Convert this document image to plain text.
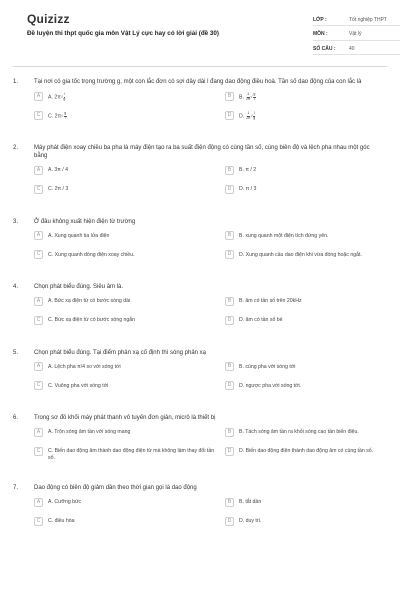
Quizizz
Đề luyện thi thpt quốc gia môn Vật Lý cực hay có lời giải (đề 30)
LỚP :	Tốt nghiệp THPT
MÔN :	Vật lý
SỐ CÂU :	40
1.	Tại nơi có gia tốc trọng trường g, một con lắc đơn có sợi dây dài l đang dao động điều hoà. Tần số dao động của con lắc là
A	A. $2\pi√ \frac{l}{g}$	B	B. $\frac{1}{2\pi}$ √ $\frac{g}{l}$
C	C. $2\pi√ \frac{g}{l}$	D	D. $\frac{1}{2\pi}$ √ $\frac{l}{g}$
2.	Máy phát điện xoay chiều ba pha là máy điện tạo ra ba suất điện động có cùng tần số, cùng biên độ và lệch pha nhau một góc bằng
A	A. 3π / 4	B	B. π / 2
C	C. 2π / 3	D	D. π / 3
3.	Ở đâu không xuất hiện điện từ trường
A	A. Xung quanh tia lửa điện	B	B. xung quanh một điện tích đứng yên.
C	C. Xung quanh dòng điện xoay chiều.	D	D. Xung quanh cầu dao điện khi vừa đóng hoặc ngắt.
4.	Chọn phát biểu đúng. Siêu âm là.
A	A. Bức xạ điện từ có bước sóng dài	B	B. âm có tần số trên 20kHz
C	C. Bức xạ điện từ có bước sóng ngắn	D	D. âm có tần số bé
5.	Chọn phát biểu đúng. Tại điểm phản xạ cố định thì sóng phản xạ
A	A. Lệch pha π/4 so với sóng tới	B	B. cùng pha với sóng tới
C	C. Vuông pha với sóng tới	D	D. ngược pha với sóng tới.
6.	Trong sơ đồ khối máy phát thanh vô tuyến đơn giản, micrô là thiết bị
A	A. Trộn sóng âm tần với sóng mang	B	B. Tách sóng âm tần ra khỏi sóng cao tần biến điệu.
C	C. Biến dao động âm thành dao động điện từ mà không làm thay đổi tần số.
D	D. Biến dao động điện thành dao động âm có cùng tần số.
7.	Dao động có biên độ giảm dần theo thời gian gọi là dao động
A	A. Cưỡng bức	B	B. tắt dần
C	C. điều hòa	D	D. duy trì.
